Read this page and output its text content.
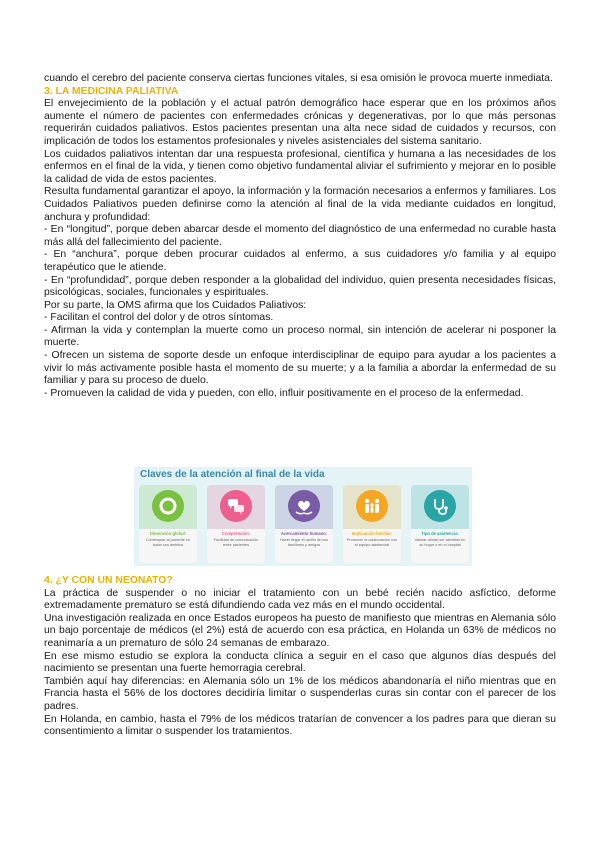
cuando el cerebro del paciente conserva ciertas funciones vitales, si esa omisión le provoca muerte inmediata.

3. LA MEDICINA PALIATIVA

El envejecimiento de la población y el actual patrón demográfico hace esperar que en los próximos años aumente el número de pacientes con enfermedades crónicas y degenerativas, por lo que más personas requerirán cuidados paliativos. Estos pacientes presentan una alta nece sidad de cuidados y recursos, con implicación de todos los estamentos profesionales y niveles asistenciales del sistema sanitario.

Los cuidados paliativos intentan dar una respuesta profesional, científica y humana a las necesidades de los enfermos en el final de la vida, y tienen como objetivo fundamental aliviar el sufrimiento y mejorar en lo posible la calidad de vida de estos pacientes.

Resulta fundamental garantizar el apoyo, la información y la formación necesarios a enfermos y familiares. Los Cuidados Paliativos pueden definirse como la atención al final de la vida mediante cuidados en longitud, anchura y profundidad:

- En “longitud”, porque deben abarcar desde el momento del diagnóstico de una enfermedad no curable hasta más allá del fallecimiento del paciente.

- En “anchura”, porque deben procurar cuidados al enfermo, a sus cuidadores y/o familia y al equipo terapéutico que le atiende.

- En “profundidad”, porque deben responder a la globalidad del individuo, quien presenta necesidades físicas, psicológicas, sociales, funcionales y espirituales.

Por su parte, la OMS afirma que los Cuidados Paliativos:

- Facilitan el control del dolor y de otros síntomas.

- Afirman la vida y contemplan la muerte como un proceso normal, sin intención de acelerar ni posponer la muerte.

- Ofrecen un sistema de soporte desde un enfoque interdisciplinar de equipo para ayudar a los pacientes a vivir lo más activamente posible hasta el momento de su muerte; y a la familia a abordar la enfermedad de su familiar y para su proceso de duelo.

- Promueven la calidad de vida y pueden, con ello, influir positivamente en el proceso de la enfermedad.

Claves de la atención al final de la vida
Dimensión global:
Contemplar al paciente en todos sus ámbitos
Comprensión:
Facilidad de comunicación entre pacientes
Acercamiento humano:
Hacer llegar el cariño de sus familiares y amigos
Implicación familiar:
Promover la colaboración con el equipo asistencial
Tipo de asistencia:
Valorar dónde ser atendido en su hogar o en el hospital

4. ¿Y CON UN NEONATO?

La práctica de suspender o no iniciar el tratamiento con un bebé recién nacido asfíctico, deforme extremadamente prematuro se está difundiendo cada vez más en el mundo occidental.

Una investigación realizada en once Estados europeos ha puesto de manifiesto que mientras en Alemania sólo un bajo porcentaje de médicos (el 2%) está de acuerdo con esa práctica, en Holanda un 63% de médicos no reanimaría a un prematuro de sólo 24 semanas de embarazo.

En ese mismo estudio se explora la conducta clínica a seguir en el caso que algunos días después del nacimiento se presentan una fuerte hemorragia cerebral.

También aquí hay diferencias: en Alemania sólo un 1% de los médicos abandonaría el niño mientras que en Francia hasta el 56% de los doctores decidiría limitar o suspenderlas curas sin contar con el parecer de los padres.

En Holanda, en cambio, hasta el 79% de los médicos tratarían de convencer a los padres para que dieran su consentimiento a limitar o suspender los tratamientos.
